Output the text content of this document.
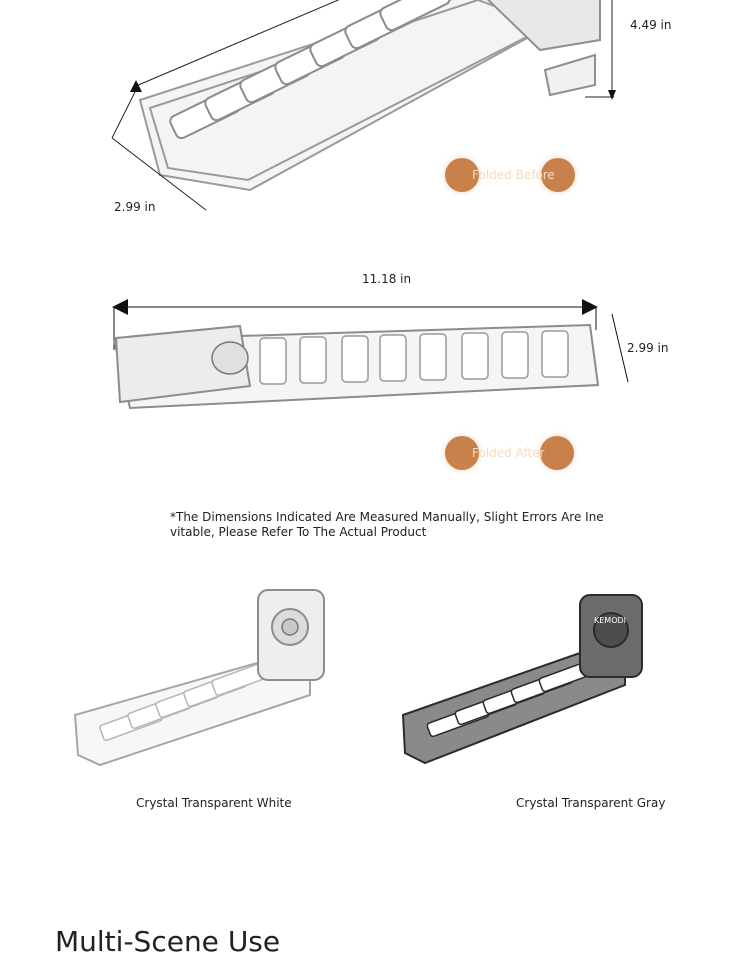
4.49 in
2.99 in
Folded Before
11.18 in
2.99 in
Folded After
*The Dimensions Indicated Are Measured Manually, Slight Errors Are Inevitable, Please Refer To The Actual Product
KEMODI
Crystal Transparent White	Crystal Transparent Gray
Multi-Scene Use
